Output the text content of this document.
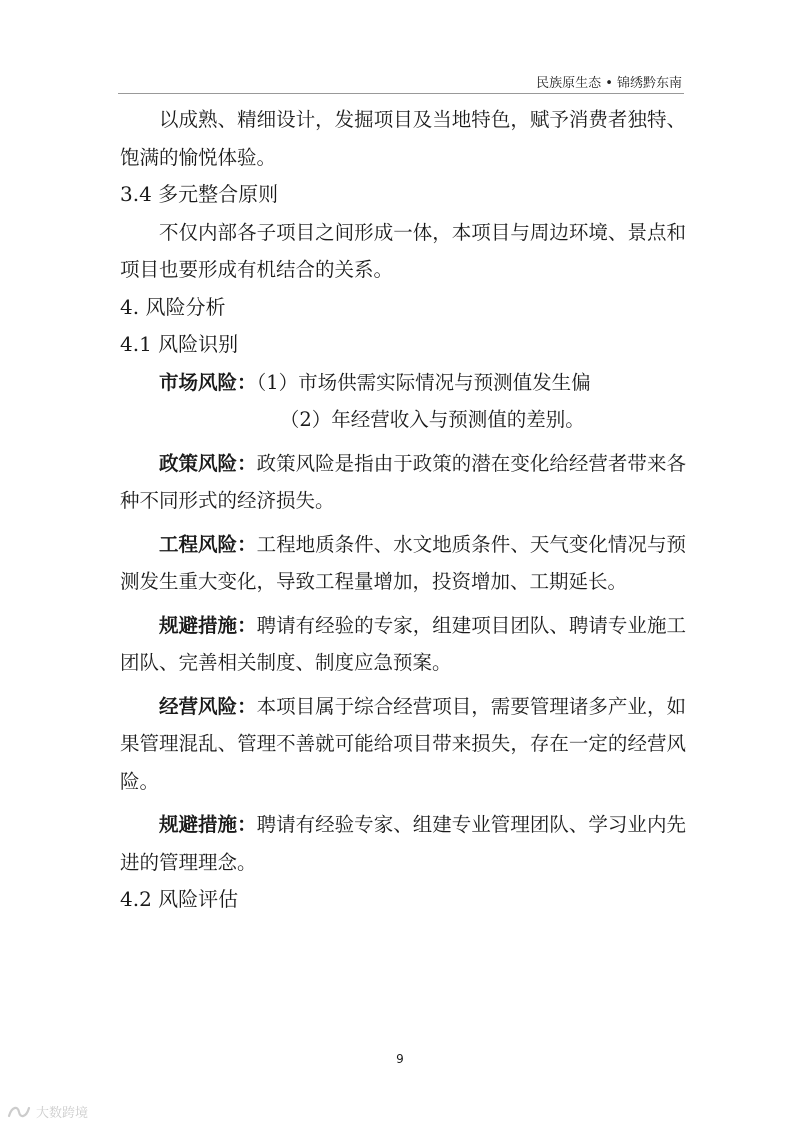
民族原生态 • 锦绣黔东南

以成熟、精细设计，发掘项目及当地特色，赋予消费者独特、饱满的愉悦体验。

3.4 多元整合原则

不仅内部各子项目之间形成一体，本项目与周边环境、景点和项目也要形成有机结合的关系。

4. 风险分析

4.1 风险识别

市场风险：（1）市场供需实际情况与预测值发生偏

（2）年经营收入与预测值的差别。

政策风险：政策风险是指由于政策的潜在变化给经营者带来各种不同形式的经济损失。

工程风险：工程地质条件、水文地质条件、天气变化情况与预测发生重大变化，导致工程量增加，投资增加、工期延长。

规避措施：聘请有经验的专家，组建项目团队、聘请专业施工团队、完善相关制度、制度应急预案。

经营风险：本项目属于综合经营项目，需要管理诸多产业，如果管理混乱、管理不善就可能给项目带来损失，存在一定的经营风险。

规避措施：聘请有经验专家、组建专业管理团队、学习业内先进的管理理念。

4.2 风险评估

9
大数跨境
